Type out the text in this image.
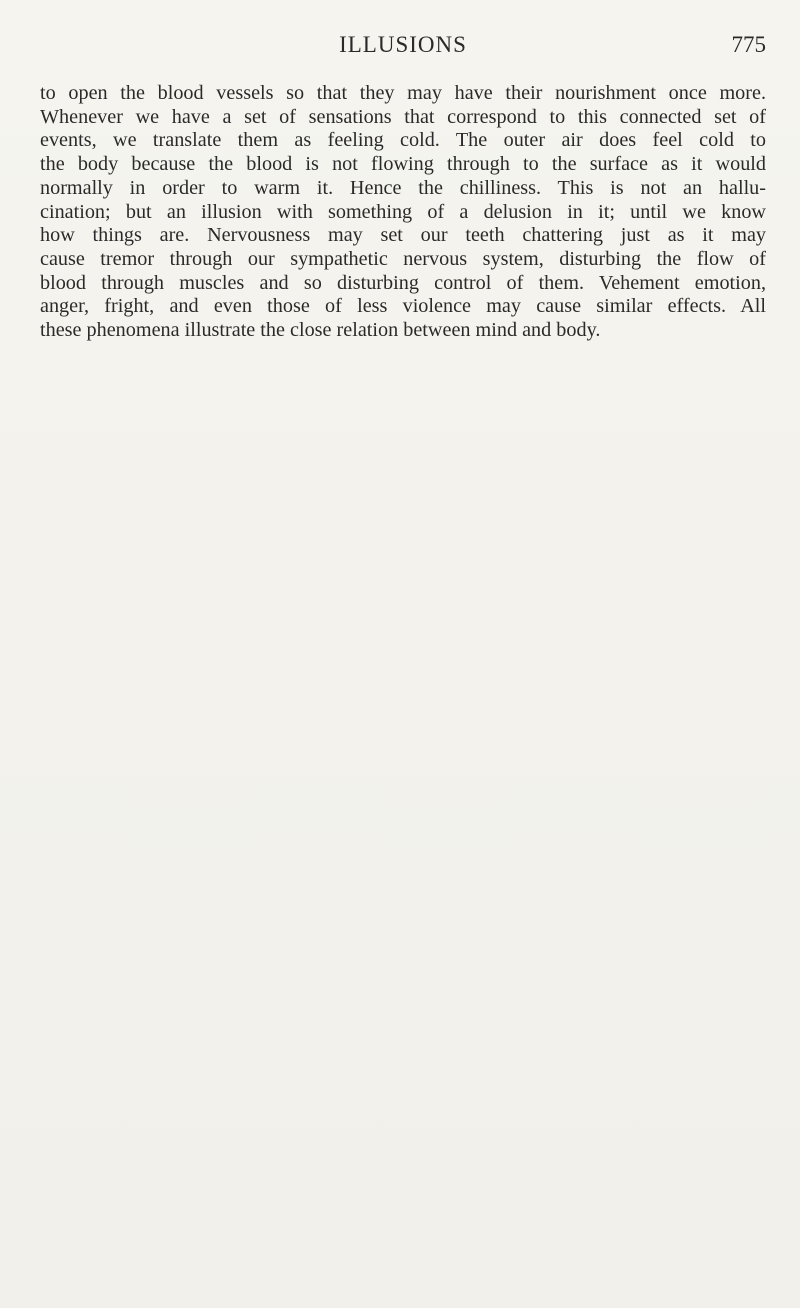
ILLUSIONS	775
to open the blood vessels so that they may have their nourishment once more.
Whenever we have a set of sensations that correspond to this connected set of
events, we translate them as feeling cold. The outer air does feel cold to
the body because the blood is not flowing through to the surface as it would
normally in order to warm it. Hence the chilliness. This is not an hallu-
cination; but an illusion with something of a delusion in it; until we know
how things are. Nervousness may set our teeth chattering just as it may
cause tremor through our sympathetic nervous system, disturbing the flow of
blood through muscles and so disturbing control of them. Vehement emotion,
anger, fright, and even those of less violence may cause similar effects. All
these phenomena illustrate the close relation between mind and body.
